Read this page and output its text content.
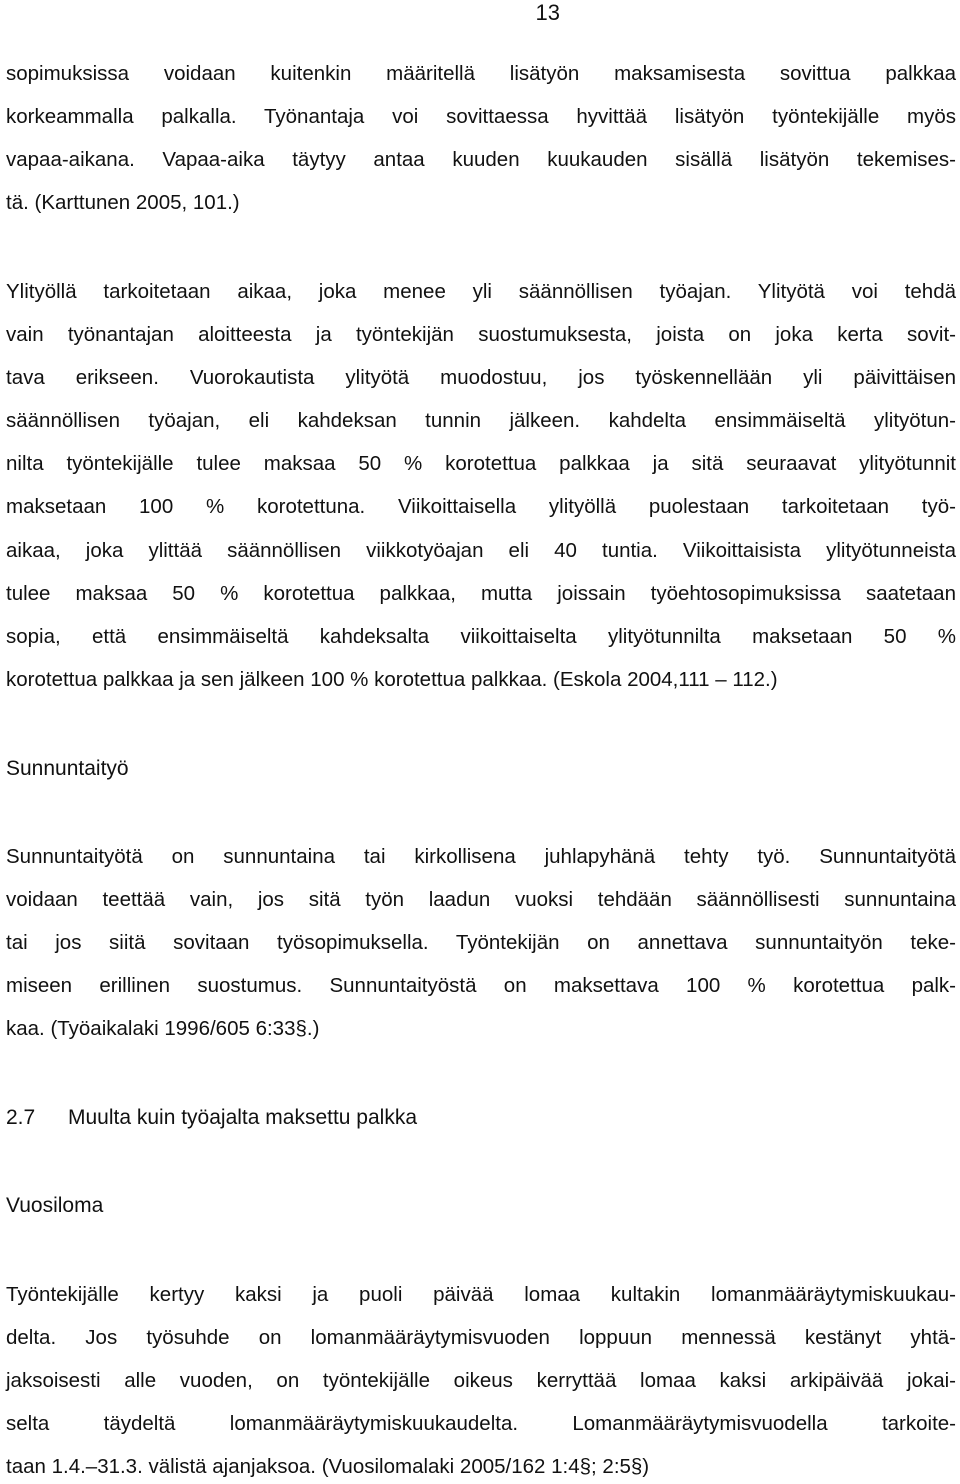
13
sopimuksissa voidaan kuitenkin määritellä lisätyön maksamisesta sovittua palkkaa
korkeammalla palkalla. Työnantaja voi sovittaessa hyvittää lisätyön työntekijälle myös
vapaa-aikana. Vapaa-aika täytyy antaa kuuden kuukauden sisällä lisätyön tekemises-
tä. (Karttunen 2005, 101.)
Ylityöllä tarkoitetaan aikaa, joka menee yli säännöllisen työajan. Ylityötä voi tehdä
vain työnantajan aloitteesta ja työntekijän suostumuksesta, joista on joka kerta sovit-
tava erikseen. Vuorokautista ylityötä muodostuu, jos työskennellään yli päivittäisen
säännöllisen työajan, eli kahdeksan tunnin jälkeen. kahdelta ensimmäiseltä ylityötun-
nilta työntekijälle tulee maksaa 50 % korotettua palkkaa ja sitä seuraavat ylityötunnit
maksetaan 100 % korotettuna. Viikoittaisella ylityöllä puolestaan tarkoitetaan työ-
aikaa, joka ylittää säännöllisen viikkotyöajan eli 40 tuntia. Viikoittaisista ylityötunneista
tulee maksaa 50 % korotettua palkkaa, mutta joissain työehtosopimuksissa saatetaan
sopia, että ensimmäiseltä kahdeksalta viikoittaiselta ylityötunnilta maksetaan 50 %
korotettua palkkaa ja sen jälkeen 100 % korotettua palkkaa. (Eskola 2004,111 – 112.)
Sunnuntaityö
Sunnuntaityötä on sunnuntaina tai kirkollisena juhlapyhänä tehty työ. Sunnuntaityötä
voidaan teettää vain, jos sitä työn laadun vuoksi tehdään säännöllisesti sunnuntaina
tai jos siitä sovitaan työsopimuksella. Työntekijän on annettava sunnuntaityön teke-
miseen erillinen suostumus. Sunnuntaityöstä on maksettava 100 % korotettua palk-
kaa. (Työaikalaki 1996/605 6:33§.)
2.7 Muulta kuin työajalta maksettu palkka
Vuosiloma
Työntekijälle kertyy kaksi ja puoli päivää lomaa kultakin lomanmääräytymiskuukau-
delta. Jos työsuhde on lomanmääräytymisvuoden loppuun mennessä kestänyt yhtä-
jaksoisesti alle vuoden, on työntekijälle oikeus kerryttää lomaa kaksi arkipäivää jokai-
selta täydeltä lomanmääräytymiskuukaudelta. Lomanmääräytymisvuodella tarkoite-
taan 1.4.–31.3. välistä ajanjaksoa. (Vuosilomalaki 2005/162 1:4§; 2:5§)
